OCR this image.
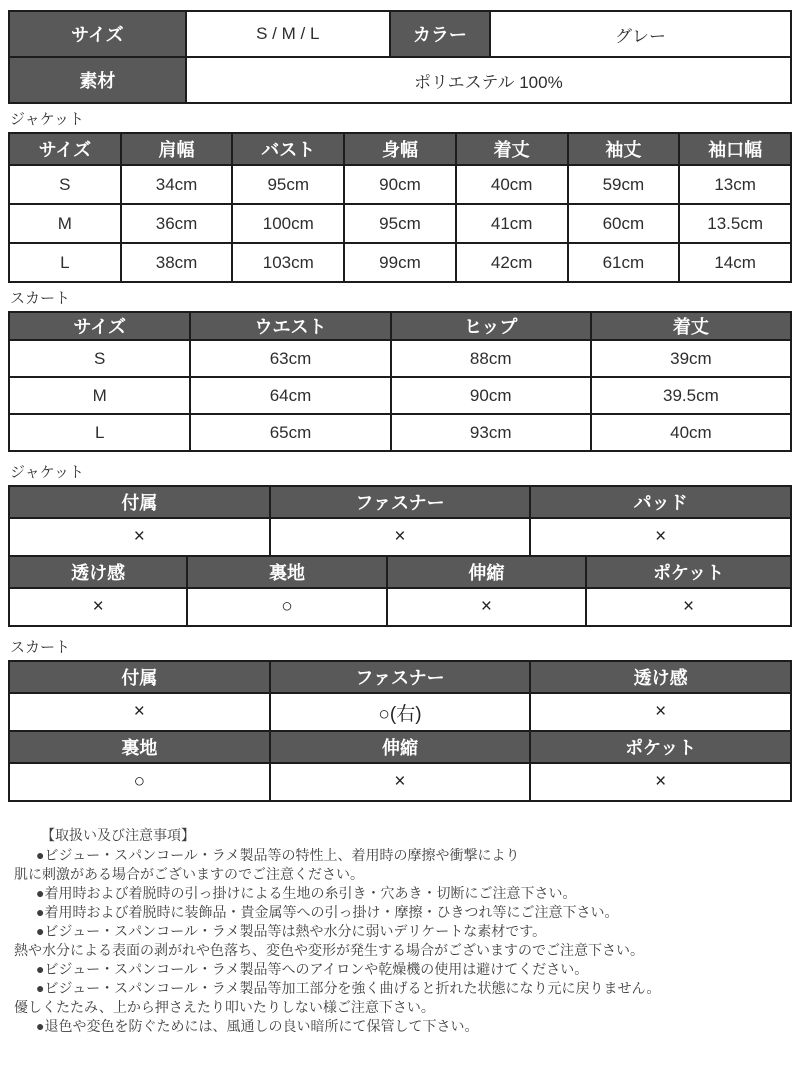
サイズ	S / M / L	カラー	グレー
素材	ポリエステル 100%		
ジャケット
サイズ	肩幅	バスト	身幅	着丈	袖丈	袖口幅
S	34cm	95cm	90cm	40cm	59cm	13cm
M	36cm	100cm	95cm	41cm	60cm	13.5cm
L	38cm	103cm	99cm	42cm	61cm	14cm
スカート
サイズ	ウエスト	ヒップ	着丈
S	63cm	88cm	39cm
M	64cm	90cm	39.5cm
L	65cm	93cm	40cm
ジャケット
付属	ファスナー	パッド
×	×	×
透け感	裏地	伸縮	ポケット
×	○	×	×
スカート
付属	ファスナー	透け感
×	○(右)	×
裏地	伸縮	ポケット
○	×	×
【取扱い及び注意事項】
●ビジュー・スパンコール・ラメ製品等の特性上、着用時の摩擦や衝撃により
肌に刺激がある場合がございますのでご注意ください。
●着用時および着脱時の引っ掛けによる生地の糸引き・穴あき・切断にご注意下さい。
●着用時および着脱時に装飾品・貴金属等への引っ掛け・摩擦・ひきつれ等にご注意下さい。
●ビジュー・スパンコール・ラメ製品等は熱や水分に弱いデリケートな素材です。
熱や水分による表面の剥がれや色落ち、変色や変形が発生する場合がございますのでご注意下さい。
●ビジュー・スパンコール・ラメ製品等へのアイロンや乾燥機の使用は避けてください。
●ビジュー・スパンコール・ラメ製品等加工部分を強く曲げると折れた状態になり元に戻りません。
優しくたたみ、上から押さえたり叩いたりしない様ご注意下さい。
●退色や変色を防ぐためには、風通しの良い暗所にて保管して下さい。
